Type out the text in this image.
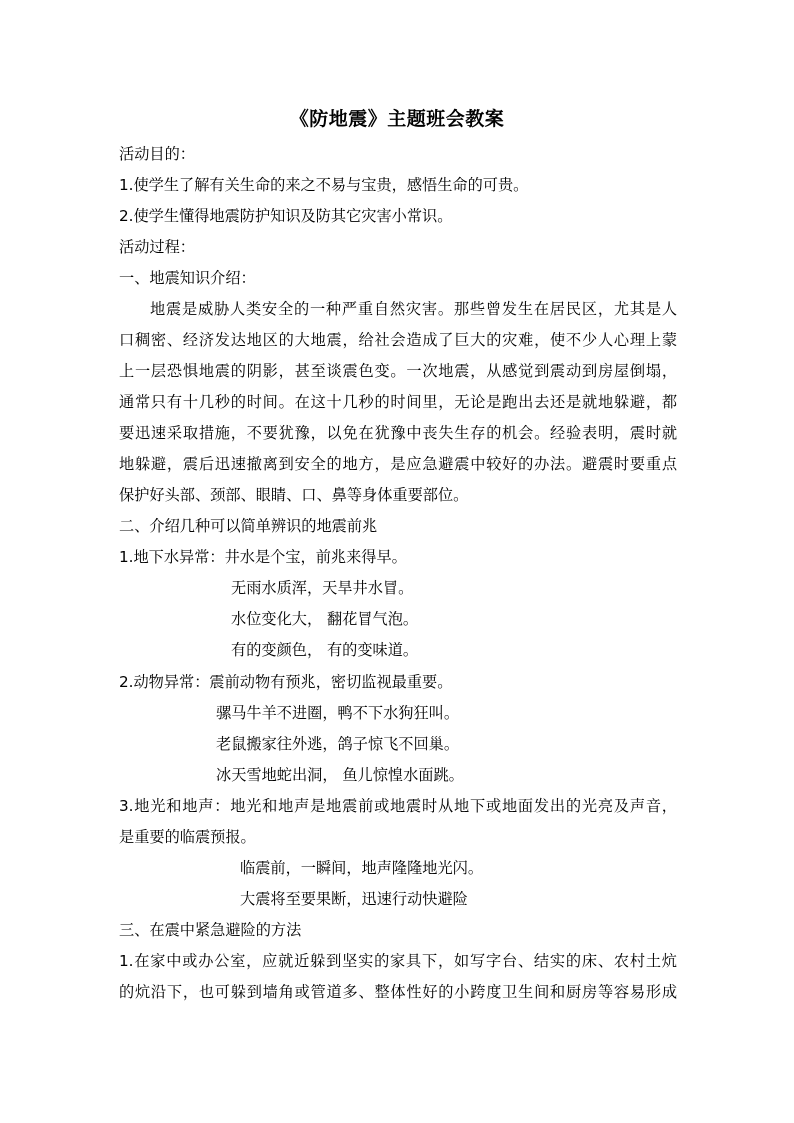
《防地震》主题班会教案
活动目的：
1.使学生了解有关生命的来之不易与宝贵，感悟生命的可贵。
2.使学生懂得地震防护知识及防其它灾害小常识。
活动过程：
一、地震知识介绍：
地震是威胁人类安全的一种严重自然灾害。那些曾发生在居民区，尤其是人
口稠密、经济发达地区的大地震，给社会造成了巨大的灾难，使不少人心理上蒙
上一层恐惧地震的阴影，甚至谈震色变。一次地震，从感觉到震动到房屋倒塌，
通常只有十几秒的时间。在这十几秒的时间里，无论是跑出去还是就地躲避，都
要迅速采取措施，不要犹豫，以免在犹豫中丧失生存的机会。经验表明，震时就
地躲避，震后迅速撤离到安全的地方，是应急避震中较好的办法。避震时要重点
保护好头部、颈部、眼睛、口、鼻等身体重要部位。
二、介绍几种可以简单辨识的地震前兆
1.地下水异常：井水是个宝，前兆来得早。
无雨水质浑，天旱井水冒。
水位变化大， 翻花冒气泡。
有的变颜色， 有的变味道。
2.动物异常：震前动物有预兆，密切监视最重要。
骡马牛羊不进圈，鸭不下水狗狂叫。
老鼠搬家往外逃，鸽子惊飞不回巢。
冰天雪地蛇出洞， 鱼儿惊惶水面跳。
3.地光和地声：地光和地声是地震前或地震时从地下或地面发出的光亮及声音，
是重要的临震预报。
临震前，一瞬间，地声隆隆地光闪。
大震将至要果断，迅速行动快避险
三、在震中紧急避险的方法
1.在家中或办公室，应就近躲到坚实的家具下，如写字台、结实的床、农村土炕
的炕沿下，也可躲到墙角或管道多、整体性好的小跨度卫生间和厨房等容易形成
